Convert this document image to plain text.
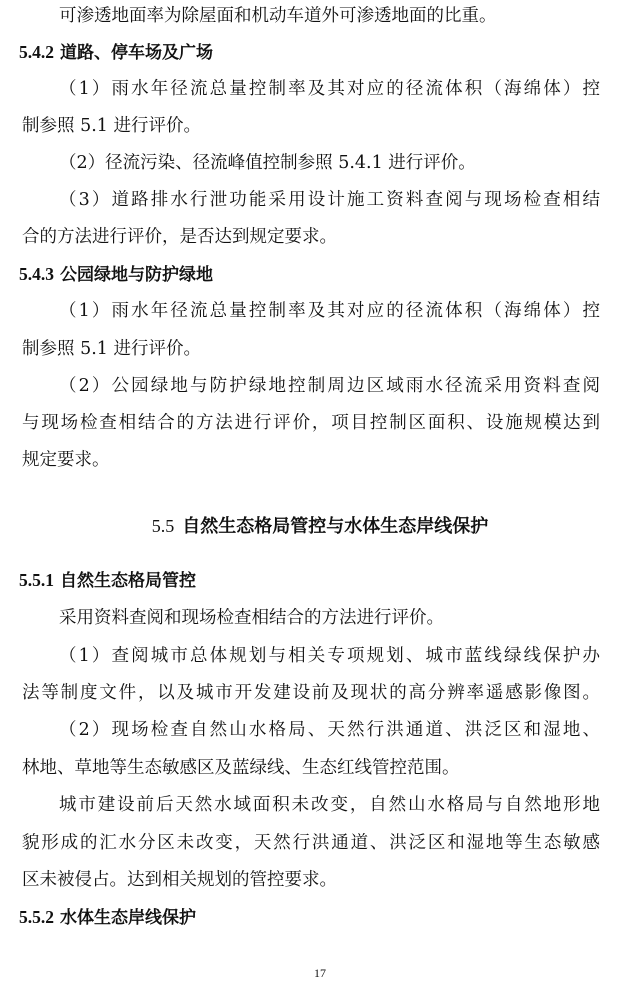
可渗透地面率为除屋面和机动车道外可渗透地面的比重。
5.4.2 道路、停车场及广场
（1）雨水年径流总量控制率及其对应的径流体积（海绵体）控
制参照 5.1 进行评价。
（2）径流污染、径流峰值控制参照 5.4.1 进行评价。
（3）道路排水行泄功能采用设计施工资料查阅与现场检查相结
合的方法进行评价，是否达到规定要求。
5.4.3 公园绿地与防护绿地
（1）雨水年径流总量控制率及其对应的径流体积（海绵体）控
制参照 5.1 进行评价。
（2）公园绿地与防护绿地控制周边区域雨水径流采用资料查阅
与现场检查相结合的方法进行评价，项目控制区面积、设施规模达到
规定要求。
5.5 自然生态格局管控与水体生态岸线保护
5.5.1 自然生态格局管控
采用资料查阅和现场检查相结合的方法进行评价。
（1）查阅城市总体规划与相关专项规划、城市蓝线绿线保护办
法等制度文件，以及城市开发建设前及现状的高分辨率遥感影像图。
（2）现场检查自然山水格局、天然行洪通道、洪泛区和湿地、
林地、草地等生态敏感区及蓝绿线、生态红线管控范围。
城市建设前后天然水域面积未改变，自然山水格局与自然地形地
貌形成的汇水分区未改变，天然行洪通道、洪泛区和湿地等生态敏感
区未被侵占。达到相关规划的管控要求。
5.5.2 水体生态岸线保护
17
